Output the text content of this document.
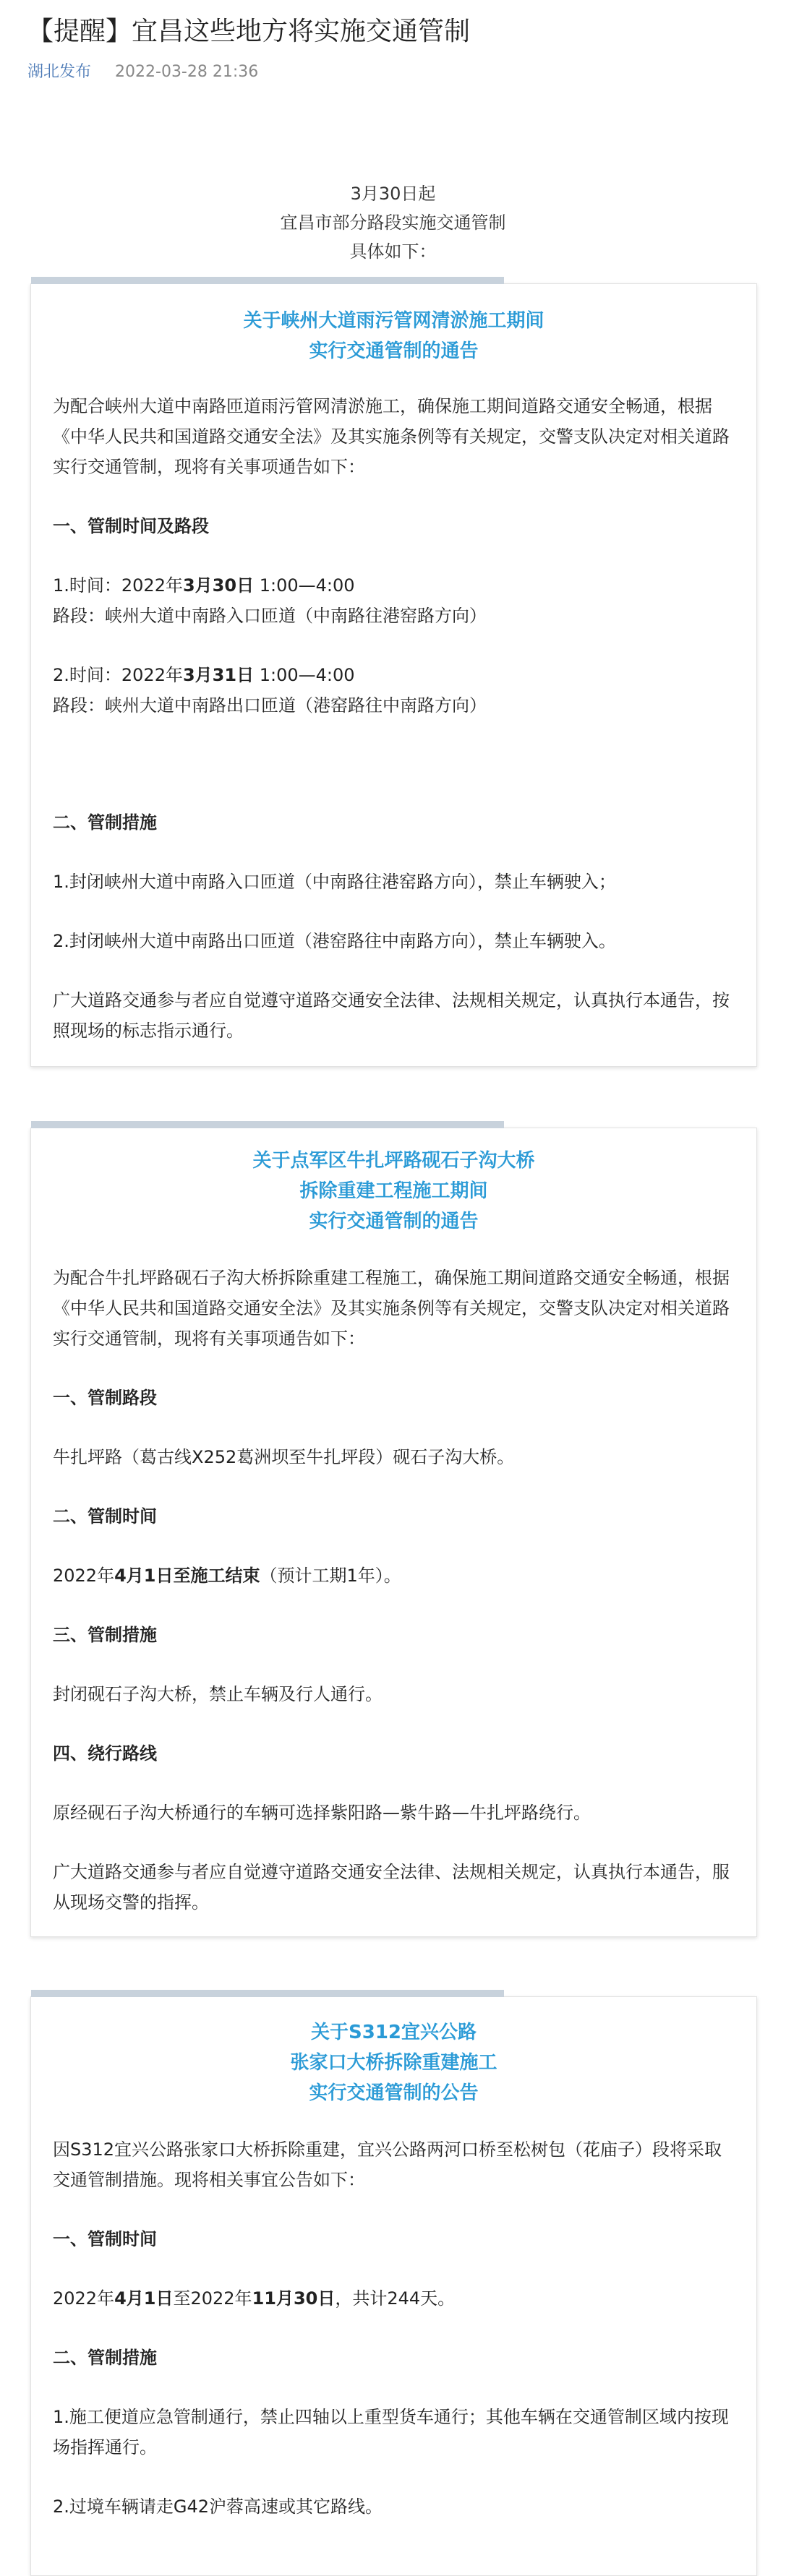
【提醒】宜昌这些地方将实施交通管制
湖北发布 2022-03-28 21:36
3月30日起
宜昌市部分路段实施交通管制
具体如下：
关于峡州大道雨污管网清淤施工期间
实行交通管制的通告

为配合峡州大道中南路匝道雨污管网清淤施工，确保施工期间道路交通安全畅通，根据《中华人民共和国道路交通安全法》及其实施条例等有关规定，交警支队决定对相关道路实行交通管制，现将有关事项通告如下：

一、管制时间及路段

1.时间：2022年3月30日 1:00—4:00

路段：峡州大道中南路入口匝道（中南路往港窑路方向）

2.时间：2022年3月31日 1:00—4:00

路段：峡州大道中南路出口匝道（港窑路往中南路方向）

二、管制措施

1.封闭峡州大道中南路入口匝道（中南路往港窑路方向），禁止车辆驶入；

2.封闭峡州大道中南路出口匝道（港窑路往中南路方向），禁止车辆驶入。

广大道路交通参与者应自觉遵守道路交通安全法律、法规相关规定，认真执行本通告，按照现场的标志指示通行。

关于点军区牛扎坪路砚石子沟大桥
拆除重建工程施工期间
实行交通管制的通告

为配合牛扎坪路砚石子沟大桥拆除重建工程施工，确保施工期间道路交通安全畅通，根据《中华人民共和国道路交通安全法》及其实施条例等有关规定，交警支队决定对相关道路实行交通管制，现将有关事项通告如下：

一、管制路段

牛扎坪路（葛古线X252葛洲坝至牛扎坪段）砚石子沟大桥。

二、管制时间

2022年4月1日至施工结束（预计工期1年）。

三、管制措施

封闭砚石子沟大桥，禁止车辆及行人通行。

四、绕行路线

原经砚石子沟大桥通行的车辆可选择紫阳路—紫牛路—牛扎坪路绕行。

广大道路交通参与者应自觉遵守道路交通安全法律、法规相关规定，认真执行本通告，服从现场交警的指挥。

关于S312宜兴公路
张家口大桥拆除重建施工
实行交通管制的公告

因S312宜兴公路张家口大桥拆除重建，宜兴公路两河口桥至松树包（花庙子）段将采取交通管制措施。现将相关事宜公告如下：

一、管制时间

2022年4月1日至2022年11月30日，共计244天。

二、管制措施

1.施工便道应急管制通行，禁止四轴以上重型货车通行；其他车辆在交通管制区域内按现场指挥通行。

2.过境车辆请走G42沪蓉高速或其它路线。
